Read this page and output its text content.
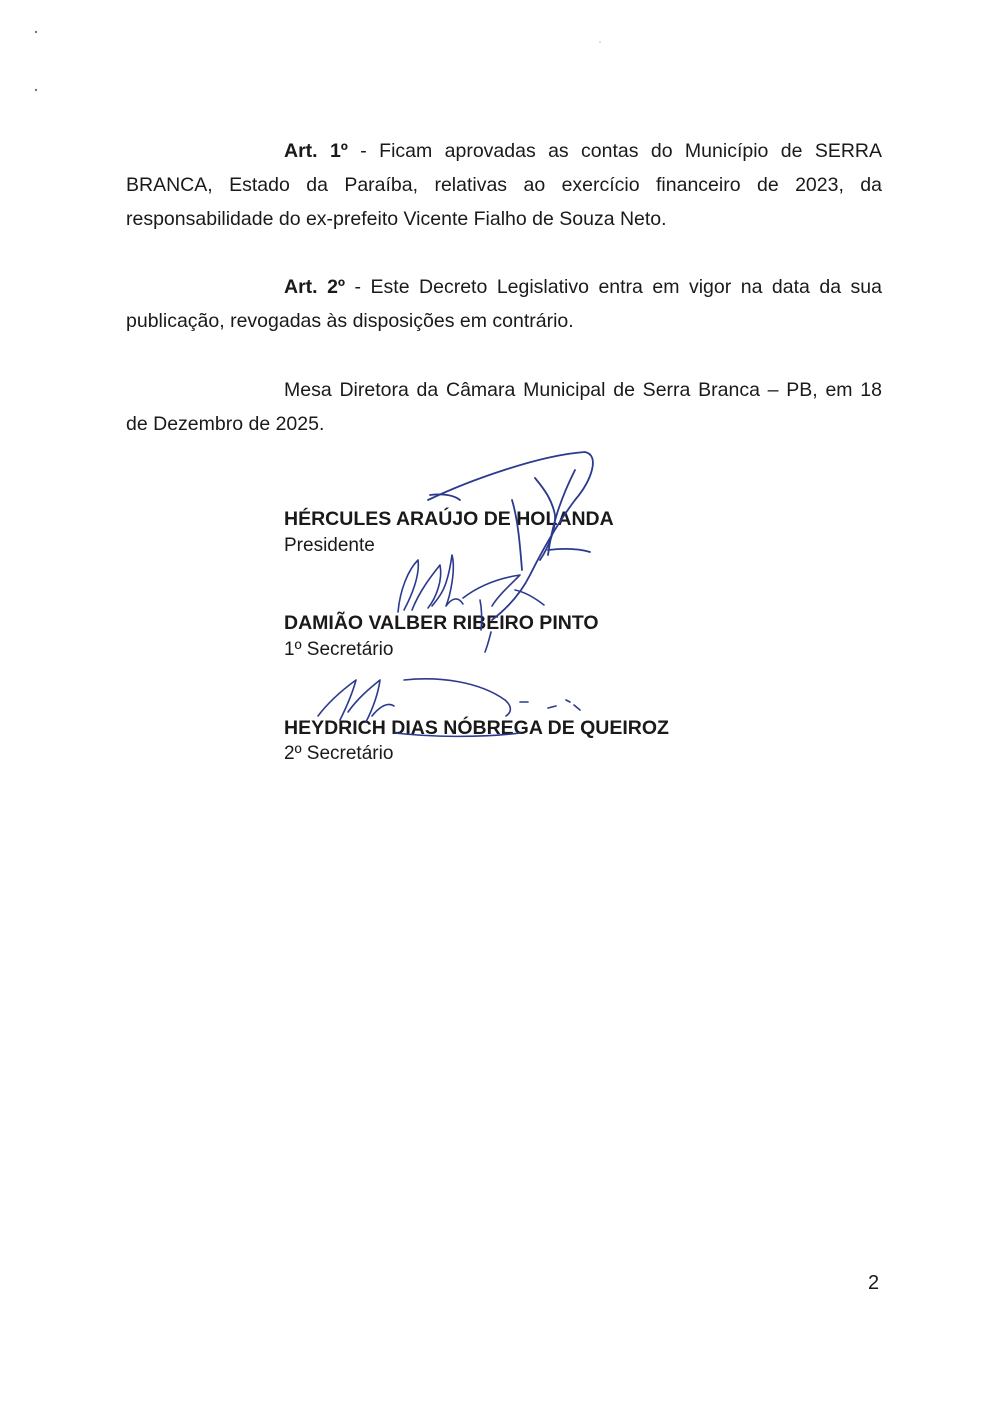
Art. 1º - Ficam aprovadas as contas do Município de SERRA BRANCA, Estado da Paraíba, relativas ao exercício financeiro de 2023, da responsabilidade do ex-prefeito Vicente Fialho de Souza Neto.

Art. 2º - Este Decreto Legislativo entra em vigor na data da sua publicação, revogadas às disposições em contrário.

Mesa Diretora da Câmara Municipal de Serra Branca – PB, em 18 de Dezembro de 2025.

HÉRCULES ARAÚJO DE HOLANDA
Presidente
DAMIÃO VALBER RIBEIRO PINTO
1º Secretário
HEYDRICH DIAS NÓBREGA DE QUEIROZ
2º Secretário
2
